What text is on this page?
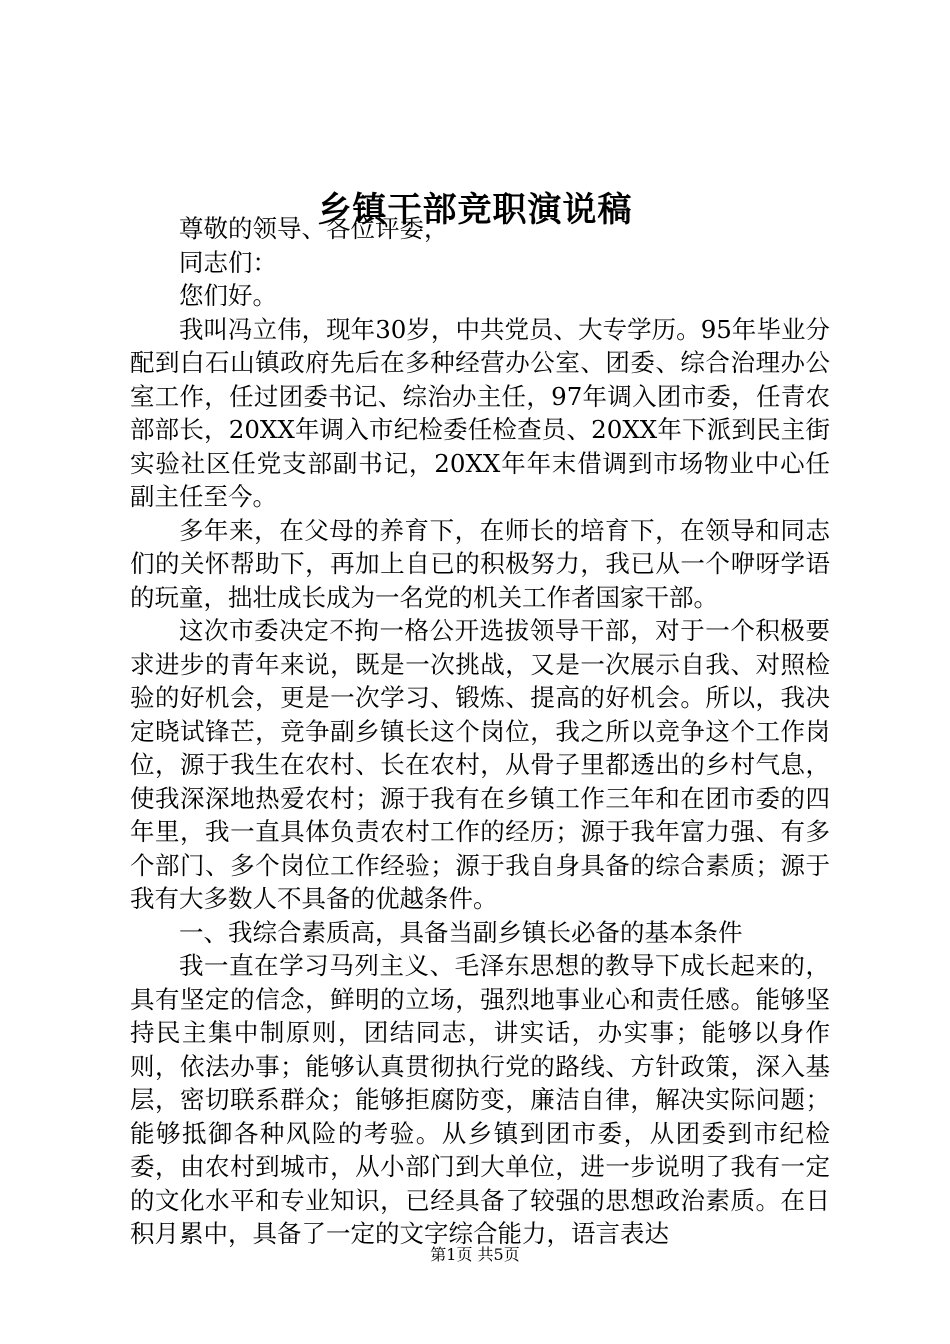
乡镇干部竞职演说稿

尊敬的领导、各位评委，

同志们：

您们好。

我叫冯立伟，现年30岁，中共党员、大专学历。95年毕业分配到白石山镇政府先后在多种经营办公室、团委、综合治理办公室工作，任过团委书记、综治办主任，97年调入团市委，任青农部部长，20XX年调入市纪检委任检查员、20XX年下派到民主街实验社区任党支部副书记，20XX年年末借调到市场物业中心任副主任至今。

多年来，在父母的养育下，在师长的培育下，在领导和同志们的关怀帮助下，再加上自已的积极努力，我已从一个咿呀学语的玩童，拙壮成长成为一名党的机关工作者国家干部。

这次市委决定不拘一格公开选拔领导干部，对于一个积极要求进步的青年来说，既是一次挑战，又是一次展示自我、对照检验的好机会，更是一次学习、锻炼、提高的好机会。所以，我决定晓试锋芒，竞争副乡镇长这个岗位，我之所以竞争这个工作岗位，源于我生在农村、长在农村，从骨子里都透出的乡村气息，使我深深地热爱农村；源于我有在乡镇工作三年和在团市委的四年里，我一直具体负责农村工作的经历；源于我年富力强、有多个部门、多个岗位工作经验；源于我自身具备的综合素质；源于我有大多数人不具备的优越条件。

一、我综合素质高，具备当副乡镇长必备的基本条件

我一直在学习马列主义、毛泽东思想的教导下成长起来的，具有坚定的信念，鲜明的立场，强烈地事业心和责任感。能够坚持民主集中制原则，团结同志，讲实话，办实事；能够以身作则，依法办事；能够认真贯彻执行党的路线、方针政策，深入基层，密切联系群众；能够拒腐防变，廉洁自律，解决实际问题；能够抵御各种风险的考验。从乡镇到团市委，从团委到市纪检委，由农村到城市，从小部门到大单位，进一步说明了我有一定的文化水平和专业知识，已经具备了较强的思想政治素质。在日积月累中，具备了一定的文字综合能力，语言表达

第1页 共5页
